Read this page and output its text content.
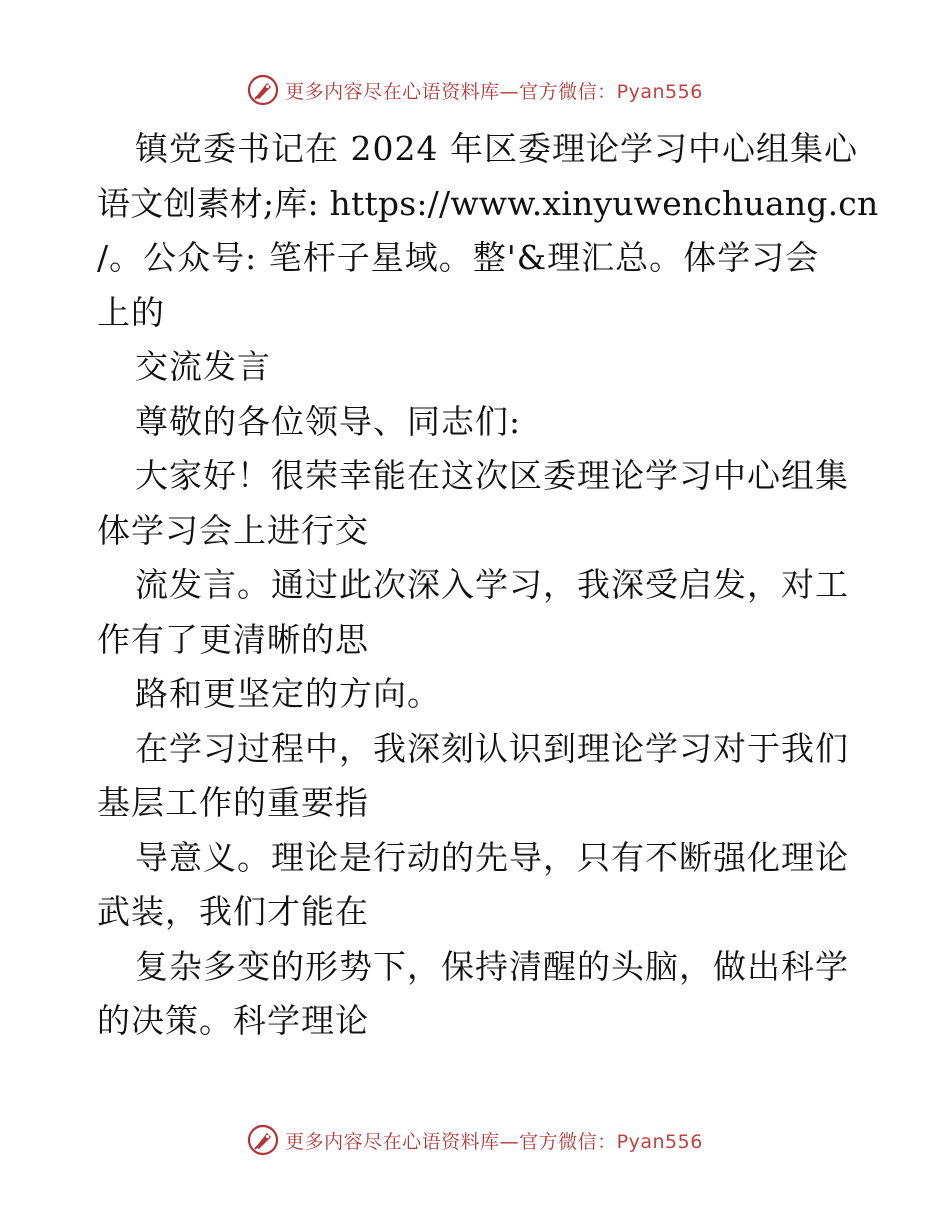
更多内容尽在心语资料库—官方微信：Pyan556
镇党委书记在 2024 年区委理论学习中心组集心
语文创素材;库: https://www.xinyuwenchuang.cn
/。公众号: 笔杆子星域。整'&理汇总。体学习会
上的
交流发言
尊敬的各位领导、同志们:
大家好！很荣幸能在这次区委理论学习中心组集
体学习会上进行交
流发言。通过此次深入学习，我深受启发，对工
作有了更清晰的思
路和更坚定的方向。
在学习过程中，我深刻认识到理论学习对于我们
基层工作的重要指
导意义。理论是行动的先导，只有不断强化理论
武装，我们才能在
复杂多变的形势下，保持清醒的头脑，做出科学
的决策。科学理论
更多内容尽在心语资料库—官方微信：Pyan556
